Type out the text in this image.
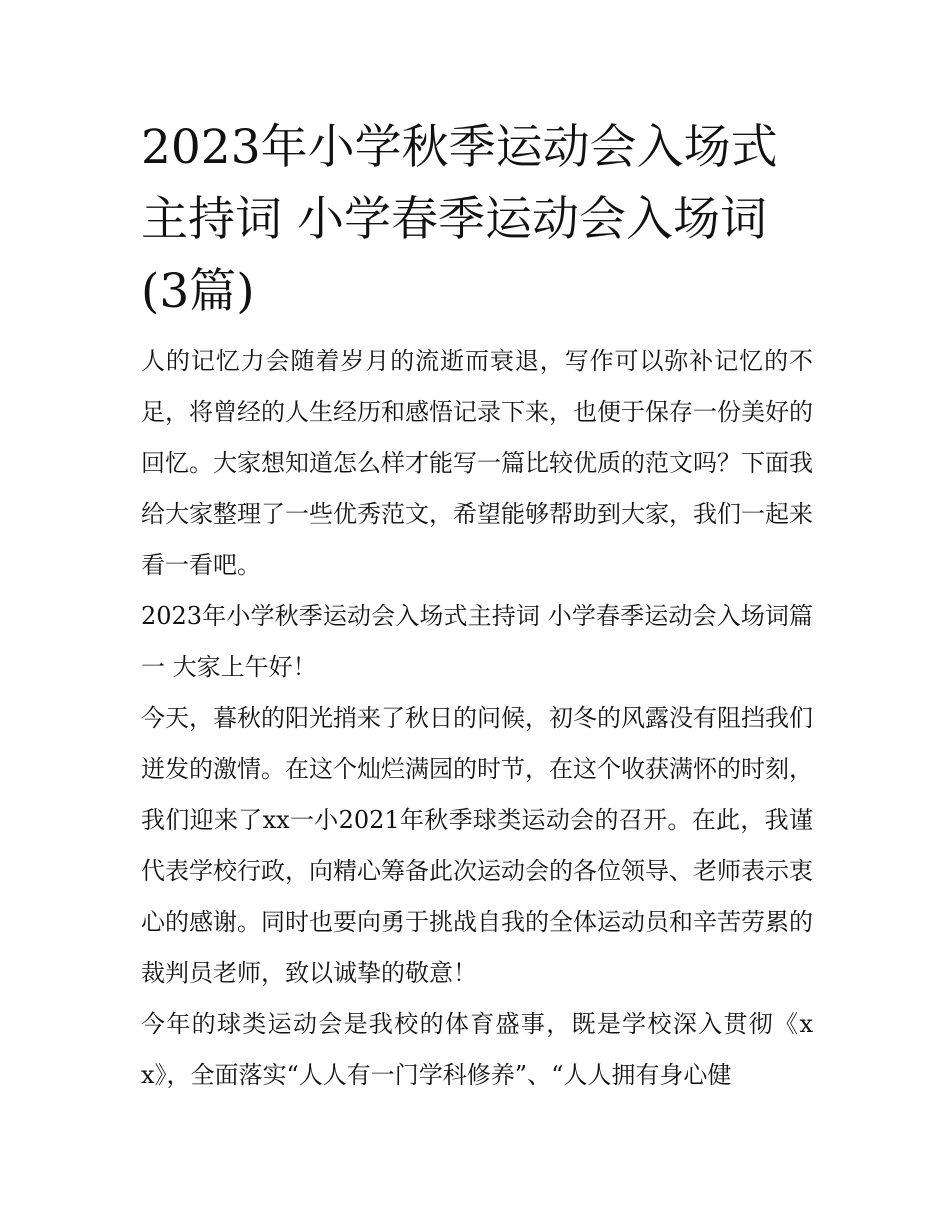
2023年小学秋季运动会入场式主持词 小学春季运动会入场词(3篇)

人的记忆力会随着岁月的流逝而衰退，写作可以弥补记忆的不足，将曾经的人生经历和感悟记录下来，也便于保存一份美好的回忆。大家想知道怎么样才能写一篇比较优质的范文吗？下面我给大家整理了一些优秀范文，希望能够帮助到大家，我们一起来看一看吧。

2023年小学秋季运动会入场式主持词 小学春季运动会入场词篇一 大家上午好！

今天，暮秋的阳光捎来了秋日的问候，初冬的风露没有阻挡我们迸发的激情。在这个灿烂满园的时节，在这个收获满怀的时刻，我们迎来了xx一小2021年秋季球类运动会的召开。在此，我谨代表学校行政，向精心筹备此次运动会的各位领导、老师表示衷心的感谢。同时也要向勇于挑战自我的全体运动员和辛苦劳累的裁判员老师，致以诚挚的敬意！

今年的球类运动会是我校的体育盛事，既是学校深入贯彻《xx》，全面落实“人人有一门学科修养”、“人人拥有身心健
